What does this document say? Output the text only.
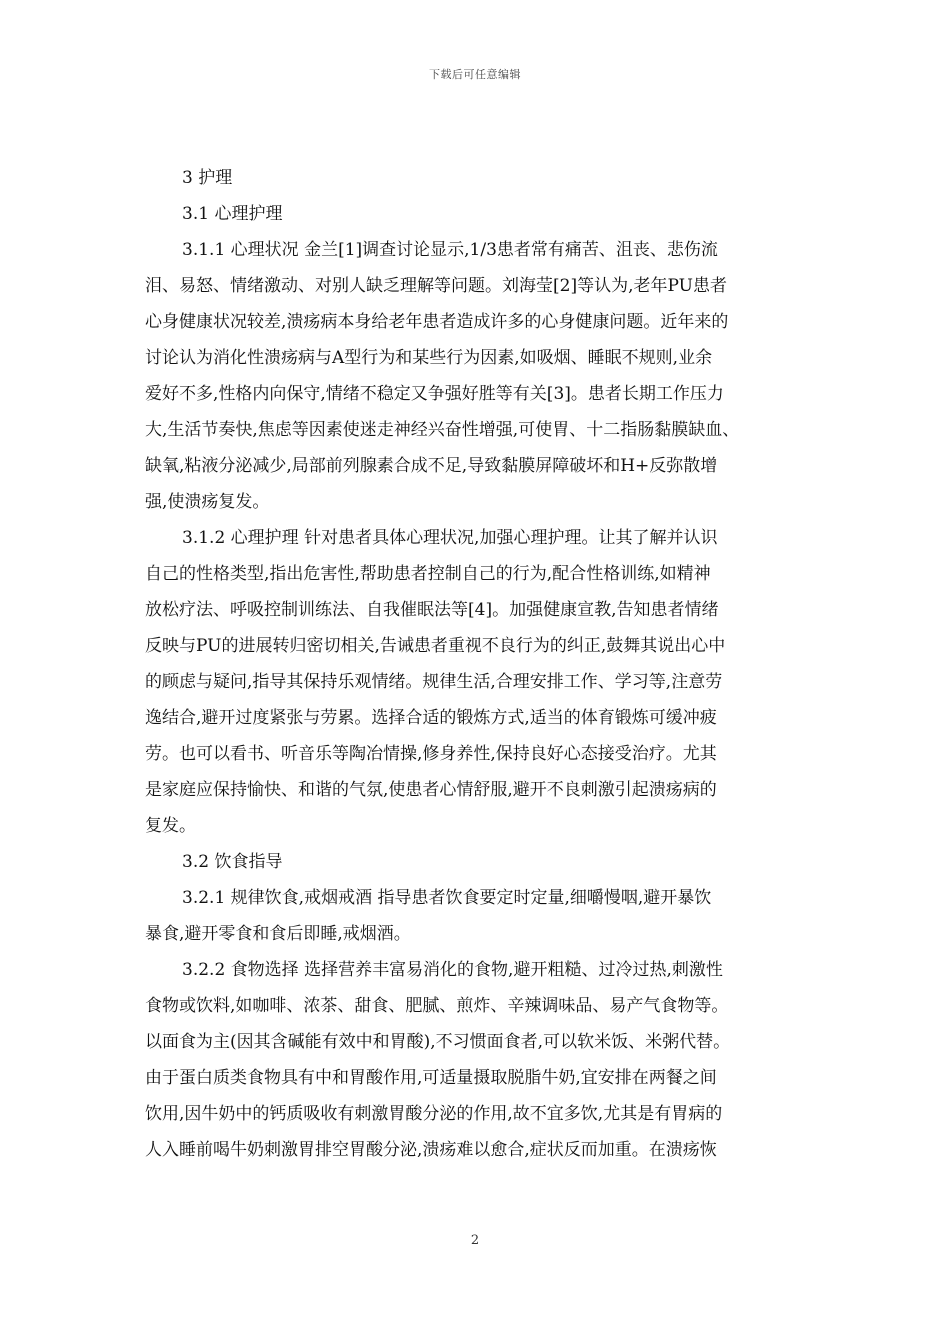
下载后可任意编辑
3 护理
3.1 心理护理
3.1.1 心理状况 金兰[1]调查讨论显示,1/3患者常有痛苦、沮丧、悲伤流
泪、易怒、情绪激动、对别人缺乏理解等问题。刘海莹[2]等认为,老年PU患者
心身健康状况较差,溃疡病本身给老年患者造成许多的心身健康问题。近年来的
讨论认为消化性溃疡病与A型行为和某些行为因素,如吸烟、睡眠不规则,业余
爱好不多,性格内向保守,情绪不稳定又争强好胜等有关[3]。患者长期工作压力
大,生活节奏快,焦虑等因素使迷走神经兴奋性增强,可使胃、十二指肠黏膜缺血、
缺氧,粘液分泌减少,局部前列腺素合成不足,导致黏膜屏障破坏和H+反弥散增
强,使溃疡复发。
3.1.2 心理护理 针对患者具体心理状况,加强心理护理。让其了解并认识
自己的性格类型,指出危害性,帮助患者控制自己的行为,配合性格训练,如精神
放松疗法、呼吸控制训练法、自我催眠法等[4]。加强健康宣教,告知患者情绪
反映与PU的进展转归密切相关,告诫患者重视不良行为的纠正,鼓舞其说出心中
的顾虑与疑问,指导其保持乐观情绪。规律生活,合理安排工作、学习等,注意劳
逸结合,避开过度紧张与劳累。选择合适的锻炼方式,适当的体育锻炼可缓冲疲
劳。也可以看书、听音乐等陶冶情操,修身养性,保持良好心态接受治疗。尤其
是家庭应保持愉快、和谐的气氛,使患者心情舒服,避开不良刺激引起溃疡病的
复发。
3.2 饮食指导
3.2.1 规律饮食,戒烟戒酒 指导患者饮食要定时定量,细嚼慢咽,避开暴饮
暴食,避开零食和食后即睡,戒烟酒。
3.2.2 食物选择 选择营养丰富易消化的食物,避开粗糙、过冷过热,刺激性
食物或饮料,如咖啡、浓茶、甜食、肥腻、煎炸、辛辣调味品、易产气食物等。
以面食为主(因其含碱能有效中和胃酸),不习惯面食者,可以软米饭、米粥代替。
由于蛋白质类食物具有中和胃酸作用,可适量摄取脱脂牛奶,宜安排在两餐之间
饮用,因牛奶中的钙质吸收有刺激胃酸分泌的作用,故不宜多饮,尤其是有胃病的
人入睡前喝牛奶刺激胃排空胃酸分泌,溃疡难以愈合,症状反而加重。在溃疡恢
2
